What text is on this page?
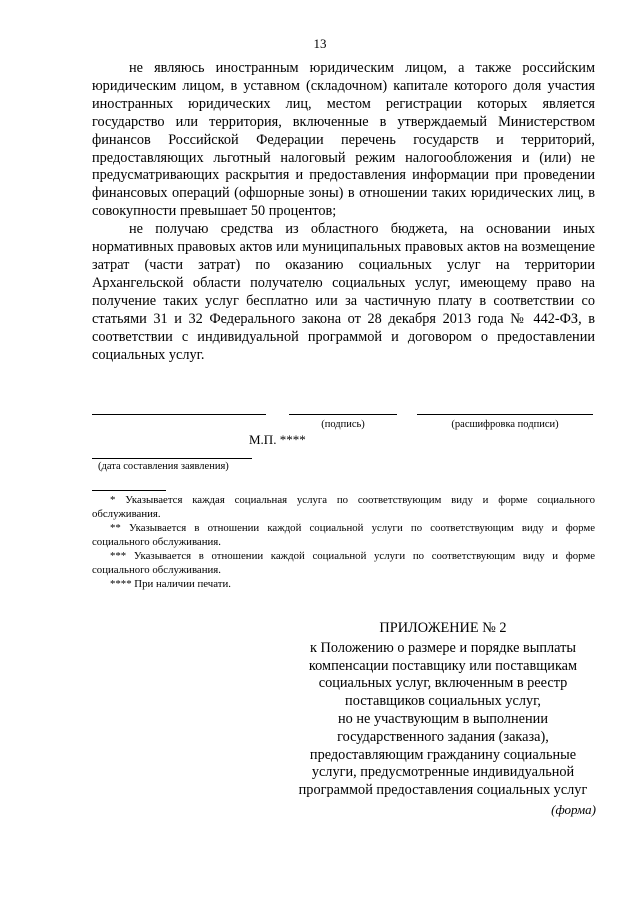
13

не являюсь иностранным юридическим лицом, а также российским юридическим лицом, в уставном (складочном) капитале которого доля участия иностранных юридических лиц, местом регистрации которых является государство или территория, включенные в утверждаемый Министерством финансов Российской Федерации перечень государств и территорий, предоставляющих льготный налоговый режим налогообложения и (или) не предусматривающих раскрытия и предоставления информации при проведении финансовых операций (офшорные зоны) в отношении таких юридических лиц, в совокупности превышает 50 процентов;

не получаю средства из областного бюджета, на основании иных нормативных правовых актов или муниципальных правовых актов на возмещение затрат (части затрат) по оказанию социальных услуг на территории Архангельской области получателю социальных услуг, имеющему право на получение таких услуг бесплатно или за частичную плату в соответствии со статьями 31 и 32 Федерального закона от 28 декабря 2013 года № 442-ФЗ, в соответствии с индивидуальной программой и договором о предоставлении социальных услуг.

(подпись)	(расшифровка подписи)
М.П. ****
(дата составления заявления)

* Указывается каждая социальная услуга по соответствующим виду и форме социального обслуживания.

** Указывается в отношении каждой социальной услуги по соответствующим виду и форме социального обслуживания.

*** Указывается в отношении каждой социальной услуги по соответствующим виду и форме социального обслуживания.

**** При наличии печати.

ПРИЛОЖЕНИЕ № 2
к Положению о размере и порядке выплаты
компенсации поставщику или поставщикам
социальных услуг, включенным в реестр
поставщиков социальных услуг,
но не участвующим в выполнении
государственного задания (заказа),
предоставляющим гражданину социальные
услуги, предусмотренные индивидуальной
программой предоставления социальных услуг
(форма)
